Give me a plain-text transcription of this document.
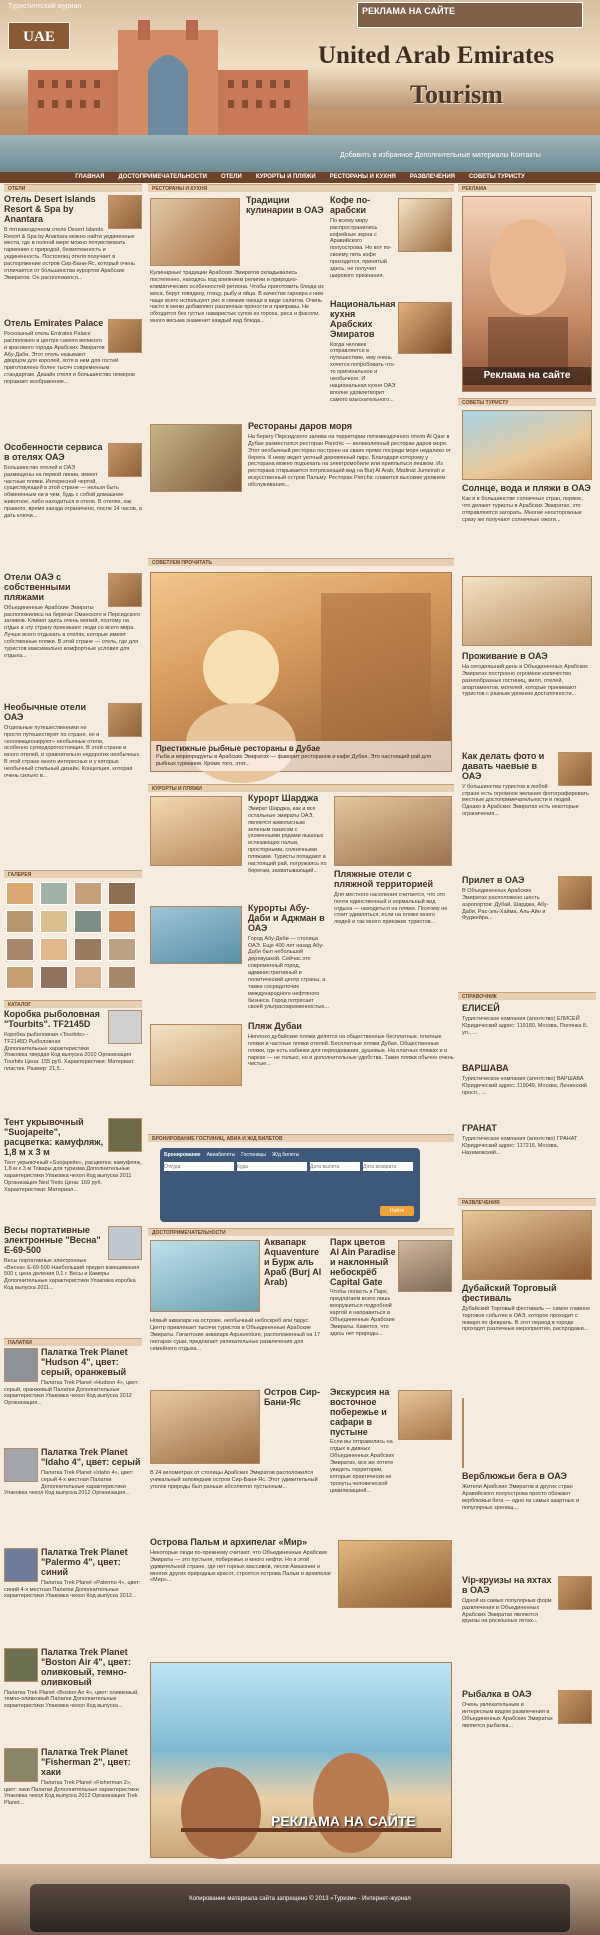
Туристический журнал
UAE
РЕКЛАМА НА САЙТЕ
United Arab Emirates
Tourism
Добавить в избранное Дополнительные материалы Контакты
ГЛАВНАЯ ДОСТОПРИМЕЧАТЕЛЬНОСТИ ОТЕЛИ КУРОРТЫ И ПЛЯЖИ РЕСТОРАНЫ И КУХНЯ РАЗВЛЕЧЕНИЯ СОВЕТЫ ТУРИСТУ
ОТЕЛИ
Отель Desert Islands Resort & Spa by Anantara
В пятизвездочном отеле Desert Islands Resort & Spa by Anantara можно найти уединенные места, где в полной мере можно почувствовать гармонию с природой, безмятежность и уединенность. Постоялец отеля получает в распоряжение остров Сир-Бани-Яс, который очень отличается от большинства курортов Арабских Эмиратов. Он расположился...
Отель Emirates Palace
Роскошный отель Emirates Palace расположен в центре самого великого и красивого города Арабских Эмиратов Абу-Даби. Этот отель называют дворцом для королей, хотя в нем для гостей приготовлено более тысяч современным стандартам. Дизайн отеля и большинство номеров поражает воображение...
Особенности сервиса в отелях ОАЭ
Большинство отелей в ОАЭ размещены на первой линии, имеют частные пляжи. Интересной чертой, существующей в этой стране — нельзя быть обвиненным ни в чем, будь с собой домашнее животное, либо находиться в отеле. В отелях, как правило, время заезда ограничено, после 14 часов, а дать ключи...
Отели ОАЭ с собственными пляжами
Объединенные Арабские Эмираты расположились на берегах Оманского и Персидского заливов. Климат здесь очень мягкий, поэтому на отдых в эту страну приезжают люди со всего мира. Лучше всего отдыхать в отелях, которые имеют собственные пляжи. В этой стране — отель, где для туристов максимально комфортные условия для отдыха...
Необычные отели ОАЭ
Отдельные путешественники не просто путешествуют по стране, но и «коллекционируют» необычные отели, особенно супердорогостоящих. В этой стране и много отелей, и сравнительно недорогих необычных. В этой стране много интересных и у которых необычный стильный дизайн. Концепция, которая очень сильно в...
ГАЛЕРЕЯ
КАТАЛОГ
Коробка рыболовная "Tourbits". TF2145D
Коробка рыболовная «Tourbits» - TF2145D Рыболовная Дополнительные характеристики Упаковка твердая Код выпуска 2010 Организация Tourbits Цена: 155 руб. Характеристики: Материал: пластик. Размер: 21,5...
Тент укрывочный "Suojapeite", расцветка: камуфляж, 1,8 м х 3 м
Тент укрывочный «Suojapeite», расцветка: камуфляж, 1,8 м х 3 м Товары для туризма Дополнительные характеристики Упаковка чехол Код выпуска 2011 Организация Ned Tools Цена: 169 руб. Характеристики: Материал...
Весы портативные электронные "Весна" Е-69-500
Весы портативные электронные «Весна» Е-69-500 Наибольший предел взвешивания 500 г, цена деления 0,1 г. Весы и Камеры Дополнительные характеристики Упаковка коробка Код выпуска 2011...
ПАЛАТКИ
Палатка Trek Planet "Hudson 4", цвет: серый, оранжевый
Палатка Trek Planet «Hudson 4», цвет: серый, оранжевый Палатки Дополнительные характеристики Упаковка чехол Код выпуска 2012 Организация...
Палатка Trek Planet "Idaho 4", цвет: серый
Палатка Trek Planet «Idaho 4», цвет: серый 4-х местная Палатки Дополнительные характеристики Упаковка чехол Код выпуска 2012 Организация...
Палатка Trek Planet "Palermo 4", цвет: синий
Палатка Trek Planet «Palermo 4», цвет: синий 4-х местная Палатки Дополнительные характеристики Упаковка чехол Код выпуска 2012...
Палатка Trek Planet "Boston Air 4", цвет: оливковый, темно-оливковый
Палатка Trek Planet «Boston Air 4», цвет: оливковый, темно-оливковый Палатки Дополнительные характеристики Упаковка чехол Код выпуска...
Палатка Trek Planet "Fisherman 2", цвет: хаки
Палатка Trek Planet «Fisherman 2», цвет: хаки Палатки Дополнительные характеристики Упаковка чехол Код выпуска 2012 Организация Trek Planet...
РЕСТОРАНЫ И КУХНЯ
Традиции кулинарии в ОАЭ
Кулинарные традиции Арабских Эмиратов складывались постепенно, находясь под влиянием религии и природно-климатических особенностей региона. Чтобы приготовить блюда из мяса, берут говядину, птицу, рыбу и яйца. В качестве гарнира к ним чаще всего используют рис и свежие овощи в виде салатов. Очень часто в меню добавляют различные пряности и приправы. Не обходится без густых наваристых супов из гороха, риса и фасоли, много весьма знаменит каждый вид блюда...
Кофе по-арабски
По всему миру распространились кофейные зерна с Аравийского полуострова. Но вот по-своему пить кофе приходится, принятый здесь, не получил широкого признания.
Национальная кухня Арабских Эмиратов
Когда человек отправляется в путешествие, ему очень хочется попробовать что-то оригинальное и необычное. И национальная кухня ОАЭ вполне удовлетворит самого взыскательного...
Рестораны даров моря
На берегу Персидского залива на территории пятизвездочного отеля Al Qasr в Дубае разместился ресторан Pierchic — великолепный ресторан даров моря. Этот необычный ресторан построен на сваях прямо посреди моря недалеко от берега. К нему ведет уютный деревянный пирс. Благодаря которому у ресторана можно подъехать на электромобиле или приплыться пешком. Из ресторана открывается потрясающий вид на Burj Al Arab, Madinat Jumeirah и искусственный остров Пальму. Ресторан Pierchic славится высоким уровнем обслуживания...
СОВЕТУЕМ ПРОЧИТАТЬ
Престижные рыбные рестораны в Дубае
Рыба и морепродукты в Арабских Эмиратах — фаворит ресторанов и кафе Дубая. Это настоящий рай для рыбных гурманов. Кроме того, этот...
КУРОРТЫ И ПЛЯЖИ
Курорт Шарджа
Эмират Шарджа, как и все остальные эмираты ОАЭ, является живописным зеленым оазисом с ухоженными рядами пышных исчезающих пальм, просторными, солнечными пляжами. Туристы попадают в настоящий рай, погружаясь по берегам, захватывающий...	Пляжные отели с пляжной территорией
Для местного населения считается, что это почти единственный и нормальный вид отдыха — находиться на пляже. Поэтому не стоит удивляться, если на пляже много людей и так много приезжих туристов...
Курорты Абу-Даби и Аджман в ОАЭ
Город Абу-Даби — столица ОАЭ. Еще 400 лет назад Абу-Даби был небольшой деревушкой. Сейчас это современный город, административный и политический центр страны, а также сосредоточие международного нефтяного бизнеса. Город потрясает своей ультрасовременностью...
Пляж Дубаи
Неплохо дубайские пляжи делятся на общественные бесплатные, платные пляжи и частные пляжи отелей. Бесплатные пляжи Дубая. Общественные пляжи, где есть кабинки для переодевания, душевые. На платных пляжах и в парках — не только, но и дополнительные удобства. Такие пляжи обычно очень чистые...
БРОНИРОВАНИЕ ГОСТИНИЦ, АВИА И Ж/Д БИЛЕТОВ
Бронирование Авиабилеты Гостиницы Ж/д билеты
Откуда
Куда
Дата вылета
Дата возврата
Найти
ДОСТОПРИМЕЧАТЕЛЬНОСТИ
Аквапарк Aquaventure и Бурж аль Араб (Burj Al Arab)
Новый аквапарк на острове, необычный небоскреб или парус. Центр привлекает тысячи туристов в Объединенные Арабские Эмираты. Гигантские аквапарк Aquaventure, расположенный на 17 гектарах суши, предлагает увлекательные развлечения для семейного отдыха...
Парк цветов Al Ain Paradise и наклонный небоскрёб Capital Gate
Чтобы попасть в Парк, предлагаем всего лишь вооружиться подробной картой и направиться в Объединенные Арабские Эмираты. Кажется, что здесь нет природы...
Остров Сир-Бани-Яс
В 24 километрах от столицы Арабских Эмиратов расположился уникальный заповедник остров Сир-Бани-Яс. Этот удивительный уголок природы был раньше абсолютно пустынным...
Экскурсия на восточное побережье и сафари в пустыне
Если вы отправились на отдых в дивных Объединенных Арабских Эмиратах, все же хотите увидеть территории, которые практически не тронуты человеческой цивилизацией...
Острова Пальм и архипелаг «Мир»
Некоторые люди по-прежнему считают, что Объединенные Арабские Эмираты — это пустыня, побережье и много нефти. Но в этой удивительной стране, где нет горных массивов, лесов Амазонии и многих других природных красот, строятся острова Пальм и архипелаг «Мир»...
РЕКЛАМА НА САЙТЕ
РЕКЛАМА
Реклама на сайте
СОВЕТЫ ТУРИСТУ
Солнце, вода и пляжи в ОАЭ
Как и в большинстве солнечных стран, первое, что делают туристы в Арабских Эмиратах, это отправляются загорать. Многие неосторожные сразу же получают солнечные ожоги...
Проживание в ОАЭ
На сегодняшний день в Объединенных Арабских Эмиратах построено огромное количество разнообразных гостиниц, вилл, отелей, апартаментов, мотелей, которые принимают туристов с разным уровнем достаточности...
Как делать фото и давать чаевые в ОАЭ
У большинства туристов в любой стране есть огромное желание фотографировать местные достопримечательности и людей. Однако в Арабских Эмиратах есть некоторые ограничения...
Прилет в ОАЭ
В Объединенных Арабских Эмиратах расположено шесть аэропортов: Дубай, Шарджа, Абу-Даби, Рас-эль-Хайма, Аль-Айн и Фуджейра...
СПРАВОЧНИК
ЕЛИСЕЙ
Туристическое компания (агентство) ЕЛИСЕЙ Юридический адрес: 119180, Москва, Полянка Б. ул., ...
ВАРШАВА
Туристическое компания (агентство) ВАРШАВА Юридический адрес: 119049, Москва, Ленинский просп., ...
ГРАНАТ
Туристическое компания (агентство) ГРАНАТ Юридический адрес: 117216, Москва, Нахимовский...
РАЗВЛЕЧЕНИЯ
Дубайский Торговый фестиваль
Дубайский Торговый фестиваль — самое главное торговое событие в ОАЭ, которое проходит с января по февраль. В этот период в городе проходят различные мероприятия, распродажи...
Верблюжьи бега в ОАЭ
Жители Арабских Эмиратов и других стран Аравийского полуострова просто обожают верблюжьи бега — одно из самых азартных и популярных зрелищ...
Vip-круизы на яхтах в ОАЭ
Одной из самых популярных форм развлечения в Объединенных Арабских Эмиратах являются круизы на роскошных яхтах...
Рыбалка в ОАЭ
Очень увлекательным и интересным видом развлечения в Объединенных Арабских Эмиратах является рыбалка...
Копирование материала сайта запрещено © 2013 «Туризм» - Интернет-журнал
